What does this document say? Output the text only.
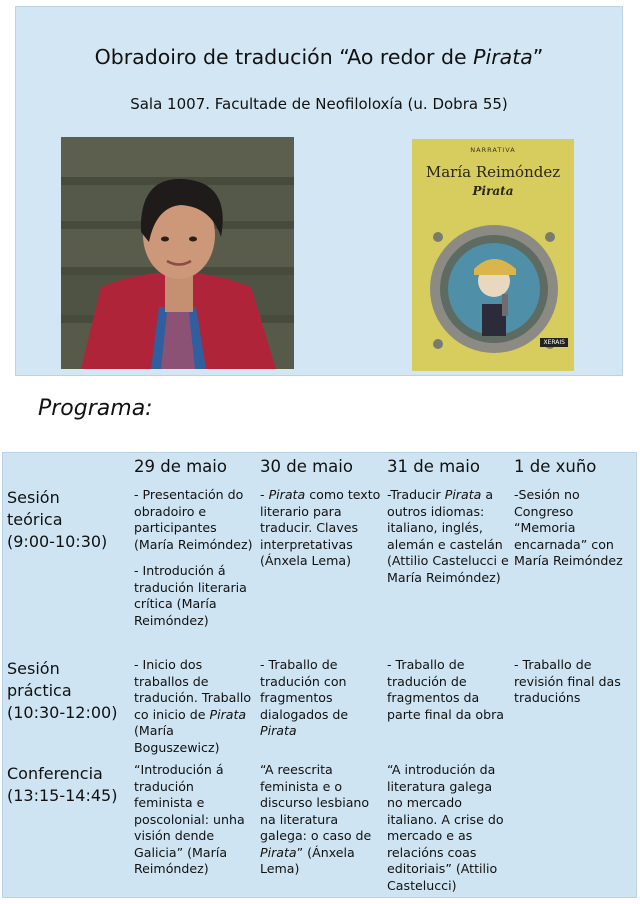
Obradoiro de tradución “Ao redor de Pirata”
Sala 1007. Facultade de Neofiloloxía (u. Dobra 55)
NARRATIVA
María Reimóndez
Pirata
XERAIS
Programa:
29 de maio 30 de maio 31 de maio 1 de xuño
Sesión
teórica
(9:00-10:30)

- Presentación do obradoiro e participantes (María Reimóndez)

- Introdución á tradución literaria crítica (María Reimóndez)

- Pirata como texto literario para traducir. Claves interpretativas (Ánxela Lema)

-Traducir Pirata a outros idiomas: italiano, inglés, alemán e castelán (Attilio Castelucci e María Reimóndez)

-Sesión no Congreso “Memoria encarnada” con María Reimóndez

Sesión
práctica
(10:30-12:00)

- Inicio dos traballos de tradución. Traballo co inicio de Pirata (María Boguszewicz)

- Traballo de tradución con fragmentos dialogados de Pirata

- Traballo de tradución de fragmentos da parte final da obra

- Traballo de revisión final das traducións

Conferencia
(13:15-14:45)

“Introdución á tradución feminista e poscolonial: unha visión dende Galicia” (María Reimóndez)

“A reescrita feminista e o discurso lesbiano na literatura galega: o caso de Pirata” (Ánxela Lema)

“A introdución da literatura galega no mercado italiano. A crise do mercado e as relacións coas editoriais” (Attilio Castelucci)
